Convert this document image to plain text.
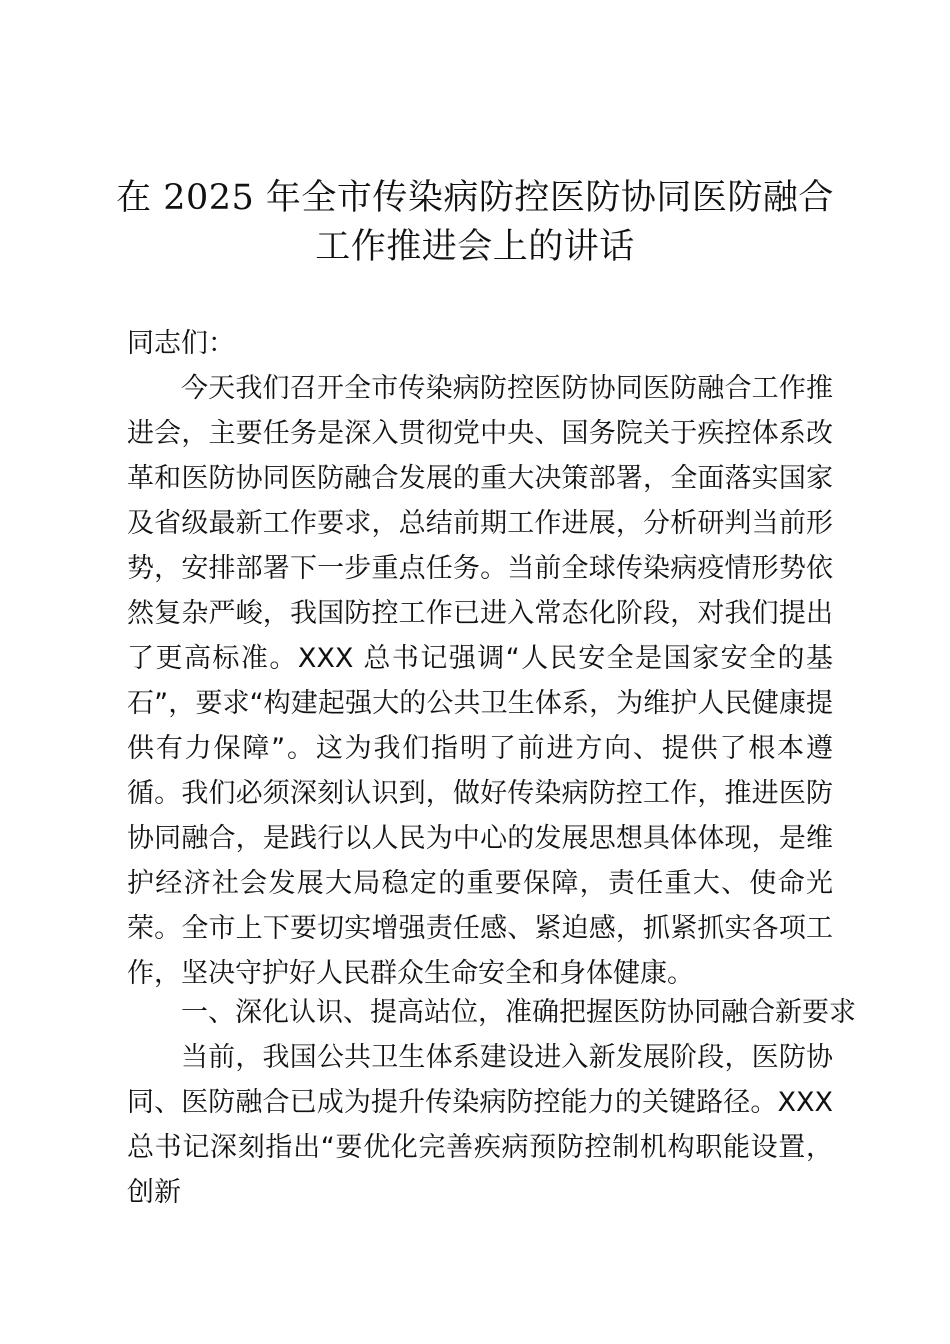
在 2025 年全市传染病防控医防协同医防融合
工作推进会上的讲话
同志们：

今天我们召开全市传染病防控医防协同医防融合工作推进会，主要任务是深入贯彻党中央、国务院关于疾控体系改革和医防协同医防融合发展的重大决策部署，全面落实国家及省级最新工作要求，总结前期工作进展，分析研判当前形势，安排部署下一步重点任务。当前全球传染病疫情形势依然复杂严峻，我国防控工作已进入常态化阶段，对我们提出了更高标准。XXX 总书记强调“人民安全是国家安全的基石”，要求“构建起强大的公共卫生体系，为维护人民健康提供有力保障”。这为我们指明了前进方向、提供了根本遵循。我们必须深刻认识到，做好传染病防控工作，推进医防协同融合，是践行以人民为中心的发展思想具体体现，是维护经济社会发展大局稳定的重要保障，责任重大、使命光荣。全市上下要切实增强责任感、紧迫感，抓紧抓实各项工作，坚决守护好人民群众生命安全和身体健康。

一、深化认识、提高站位，准确把握医防协同融合新要求

当前，我国公共卫生体系建设进入新发展阶段，医防协同、医防融合已成为提升传染病防控能力的关键路径。XXX 总书记深刻指出“要优化完善疾病预防控制机构职能设置，创新
